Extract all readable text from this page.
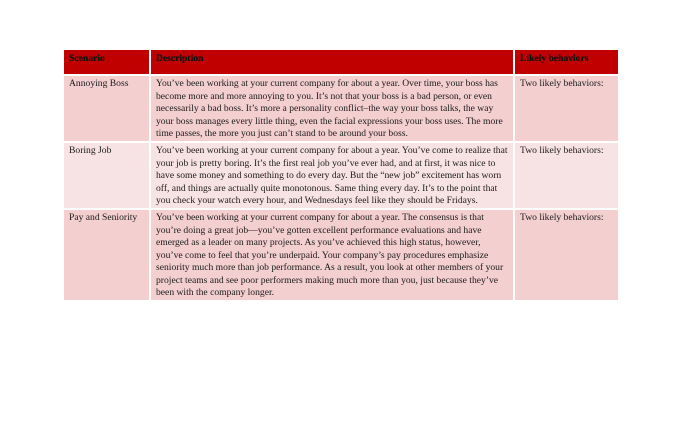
Scenario	Description	Likely behaviors
Annoying Boss	You’ve been working at your current company for about a year. Over time, your boss has become more and more annoying to you. It’s not that your boss is a bad person, or even necessarily a bad boss. It’s more a personality conflict–the way your boss talks, the way your boss manages every little thing, even the facial expressions your boss uses. The more time passes, the more you just can’t stand to be around your boss.	Two likely behaviors:
Boring Job	You’ve been working at your current company for about a year. You’ve come to realize that your job is pretty boring. It’s the first real job you’ve ever had, and at first, it was nice to have some money and something to do every day. But the “new job” excitement has worn off, and things are actually quite monotonous. Same thing every day. It’s to the point that you check your watch every hour, and Wednesdays feel like they should be Fridays.	Two likely behaviors:
Pay and Seniority	You’ve been working at your current company for about a year. The consensus is that you’re doing a great job—you’ve gotten excellent performance evaluations and have emerged as a leader on many projects. As you’ve achieved this high status, however, you’ve come to feel that you’re underpaid. Your company’s pay procedures emphasize seniority much more than job performance. As a result, you look at other members of your project teams and see poor performers making much more than you, just because they’ve been with the company longer.	Two likely behaviors:
